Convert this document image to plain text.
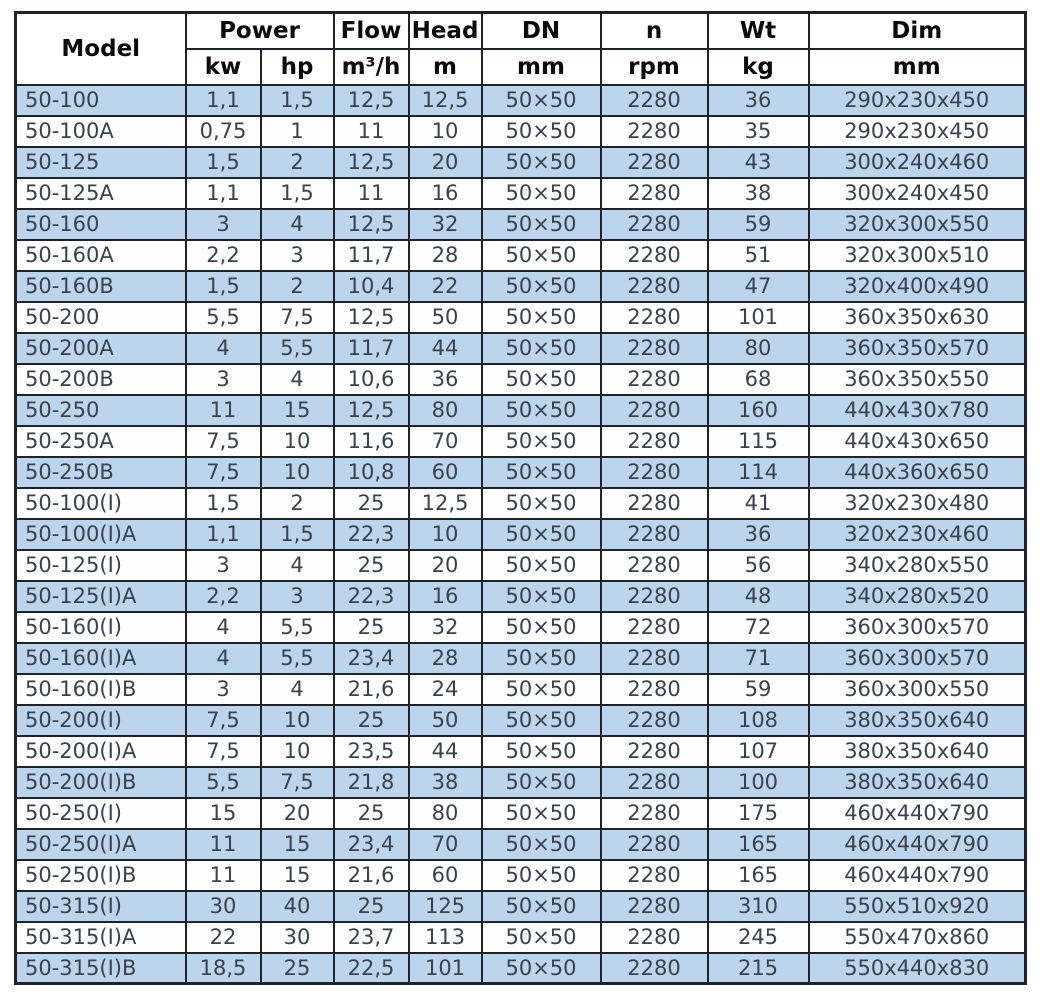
Model	Power		Flow	Head	DN	n	Wt	Dim
	kw	hp	m³/h	m	mm	rpm	kg	mm
50-100	1,1	1,5	12,5	12,5	50×50	2280	36	290x230x450
50-100A	0,75	1	11	10	50×50	2280	35	290x230x450
50-125	1,5	2	12,5	20	50×50	2280	43	300x240x460
50-125A	1,1	1,5	11	16	50×50	2280	38	300x240x450
50-160	3	4	12,5	32	50×50	2280	59	320x300x550
50-160A	2,2	3	11,7	28	50×50	2280	51	320x300x510
50-160B	1,5	2	10,4	22	50×50	2280	47	320x400x490
50-200	5,5	7,5	12,5	50	50×50	2280	101	360x350x630
50-200A	4	5,5	11,7	44	50×50	2280	80	360x350x570
50-200B	3	4	10,6	36	50×50	2280	68	360x350x550
50-250	11	15	12,5	80	50×50	2280	160	440x430x780
50-250A	7,5	10	11,6	70	50×50	2280	115	440x430x650
50-250B	7,5	10	10,8	60	50×50	2280	114	440x360x650
50-100(I)	1,5	2	25	12,5	50×50	2280	41	320x230x480
50-100(I)A	1,1	1,5	22,3	10	50×50	2280	36	320x230x460
50-125(I)	3	4	25	20	50×50	2280	56	340x280x550
50-125(I)A	2,2	3	22,3	16	50×50	2280	48	340x280x520
50-160(I)	4	5,5	25	32	50×50	2280	72	360x300x570
50-160(I)A	4	5,5	23,4	28	50×50	2280	71	360x300x570
50-160(I)B	3	4	21,6	24	50×50	2280	59	360x300x550
50-200(I)	7,5	10	25	50	50×50	2280	108	380x350x640
50-200(I)A	7,5	10	23,5	44	50×50	2280	107	380x350x640
50-200(I)B	5,5	7,5	21,8	38	50×50	2280	100	380x350x640
50-250(I)	15	20	25	80	50×50	2280	175	460x440x790
50-250(I)A	11	15	23,4	70	50×50	2280	165	460x440x790
50-250(I)B	11	15	21,6	60	50×50	2280	165	460x440x790
50-315(I)	30	40	25	125	50×50	2280	310	550x510x920
50-315(I)A	22	30	23,7	113	50×50	2280	245	550x470x860
50-315(I)B	18,5	25	22,5	101	50×50	2280	215	550x440x830
